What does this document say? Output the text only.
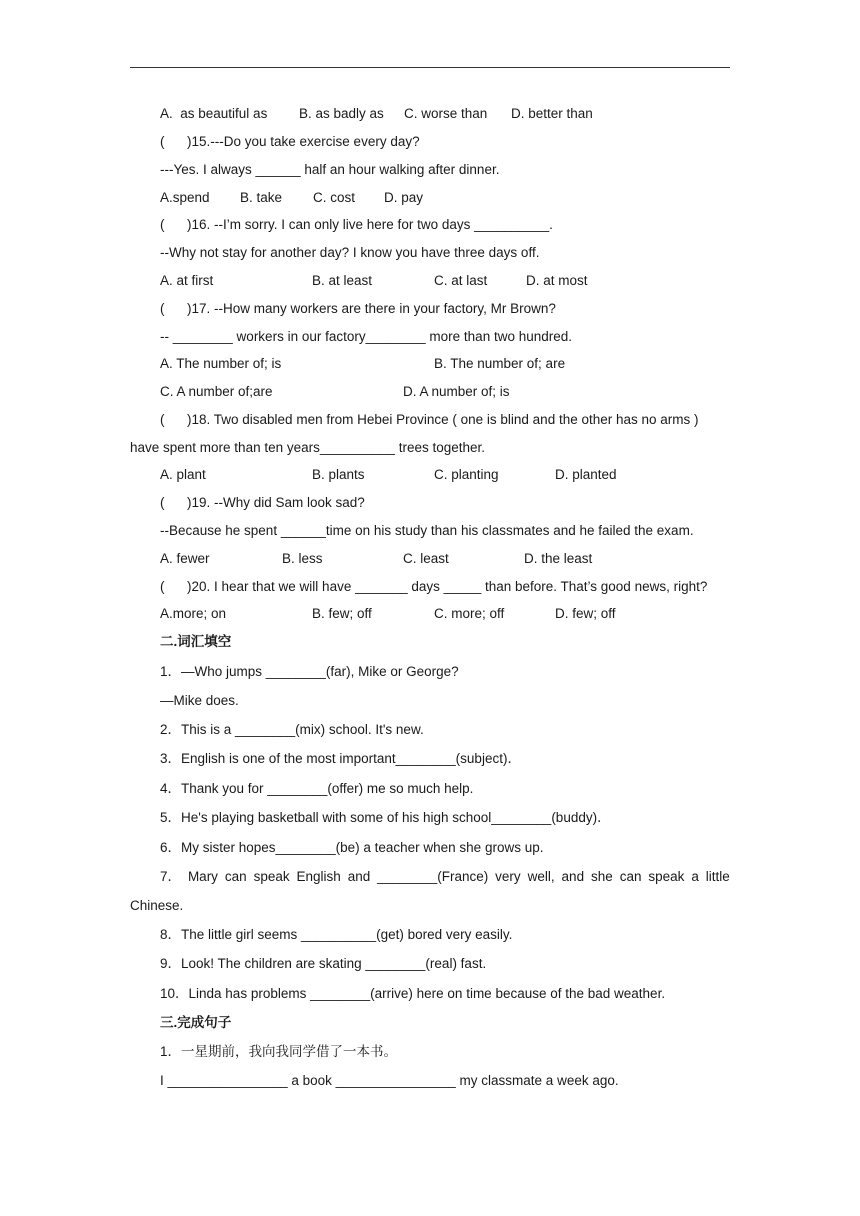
A.  as beautiful as B. as badly as C. worse than D. better than
(      )15.---Do you take exercise every day?
---Yes. I always ______ half an hour walking after dinner.
A.spend B. take C. cost D. pay
(      )16. --I’m sorry. I can only live here for two days __________.
--Why not stay for another day? I know you have three days off.
A. at first	B. at least	C. at last	D. at most
(      )17. --How many workers are there in your factory, Mr Brown?
-- ________ workers in our factory________ more than two hundred.
A. The number of; is	B. The number of; are
C. A number of;are	D. A number of; is
(      )18. Two disabled men from Hebei Province ( one is blind and the other has no arms )
have spent more than ten years__________ trees together.
A. plant	B. plants	C. planting	D. planted
(      )19. --Why did Sam look sad?
--Because he spent ______time on his study than his classmates and he failed the exam.
A. fewer	B. less	C. least	D. the least
(      )20. I hear that we will have _______ days _____ than before. That’s good news, right?
A.more; on	B. few; off	C. more; off	D. few; off
二.词汇填空
1．—Who jumps ________(far), Mike or George?
—Mike does.
2．This is a ________(mix) school. It's new.
3．English is one of the most important________(subject)．
4．Thank you for ________(offer) me so much help.
5．He's playing basketball with some of his high school________(buddy)．
6．My sister hopes________(be) a teacher when she grows up.
7． Mary can speak English and ________(France) very well, and she can speak a little
Chinese.
8．The little girl seems __________(get) bored very easily.
9．Look! The children are skating ________(real) fast.
10．Linda has problems ________(arrive) here on time because of the bad weather.
三.完成句子
1．一星期前，我向我同学借了一本书。
I ________________ a book ________________ my classmate a week ago.
